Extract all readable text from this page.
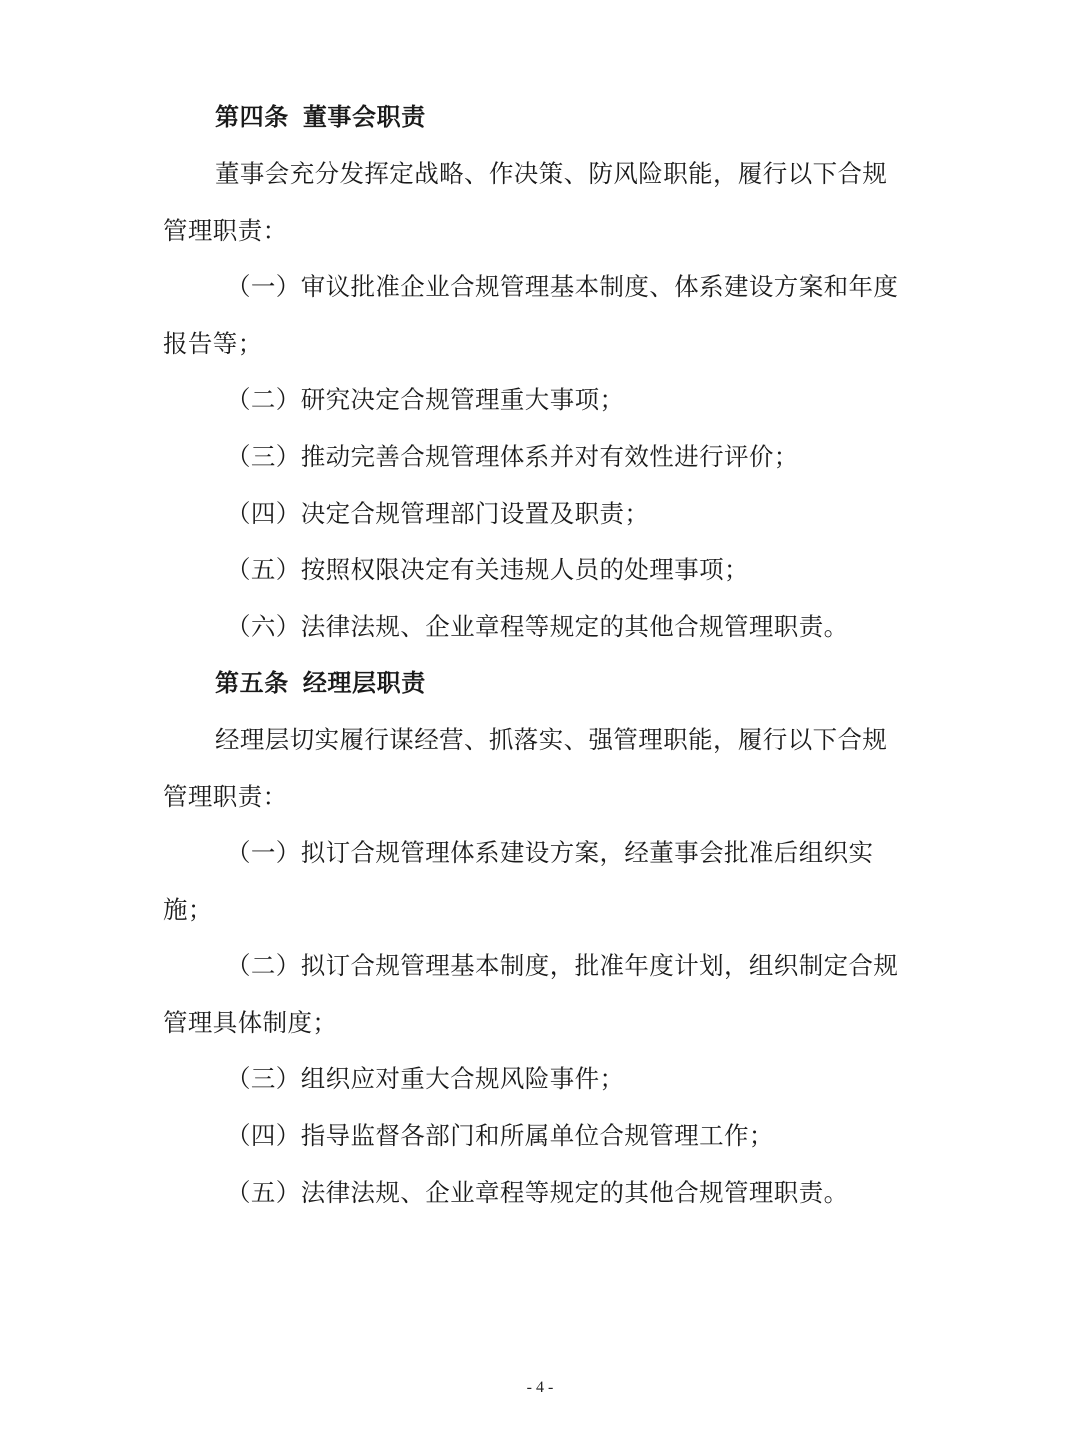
第四条 董事会职责
董事会充分发挥定战略、作决策、防风险职能，履行以下合规
管理职责：
（一）审议批准企业合规管理基本制度、体系建设方案和年度
报告等；
（二）研究决定合规管理重大事项；
（三）推动完善合规管理体系并对有效性进行评价；
（四）决定合规管理部门设置及职责；
（五）按照权限决定有关违规人员的处理事项；
（六）法律法规、企业章程等规定的其他合规管理职责。
第五条 经理层职责
经理层切实履行谋经营、抓落实、强管理职能，履行以下合规
管理职责：
（一）拟订合规管理体系建设方案，经董事会批准后组织实
施；
（二）拟订合规管理基本制度，批准年度计划，组织制定合规
管理具体制度；
（三）组织应对重大合规风险事件；
（四）指导监督各部门和所属单位合规管理工作；
（五）法律法规、企业章程等规定的其他合规管理职责。
- 4 -
